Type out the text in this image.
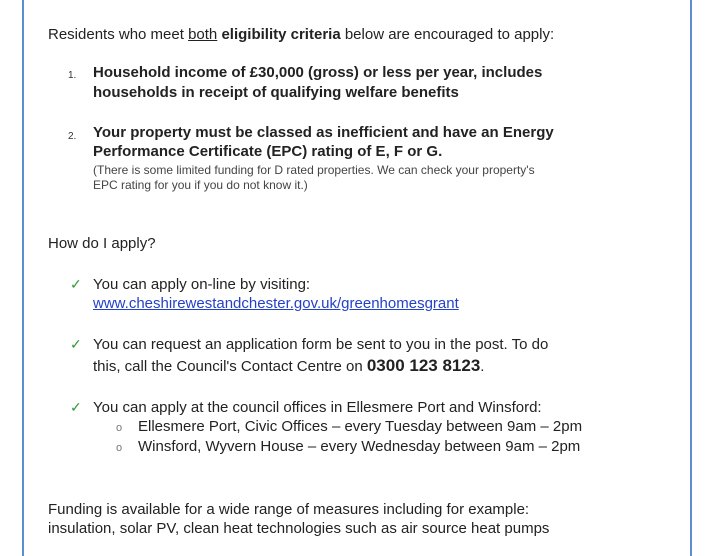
Residents who meet both eligibility criteria below are encouraged to apply:
1. Household income of £30,000 (gross) or less per year, includes
households in receipt of qualifying welfare benefits
2. Your property must be classed as inefficient and have an Energy
Performance Certificate (EPC) rating of E, F or G.
(There is some limited funding for D rated properties. We can check your property's
EPC rating for you if you do not know it.)
How do I apply?
✓ You can apply on-line by visiting:
www.cheshirewestandchester.gov.uk/greenhomesgrant
✓ You can request an application form be sent to you in the post. To do
this, call the Council's Contact Centre on 0300 123 8123.
✓ You can apply at the council offices in Ellesmere Port and Winsford:
o Ellesmere Port, Civic Offices – every Tuesday between 9am – 2pm
o Winsford, Wyvern House – every Wednesday between 9am – 2pm
Funding is available for a wide range of measures including for example:
insulation, solar PV, clean heat technologies such as air source heat pumps
